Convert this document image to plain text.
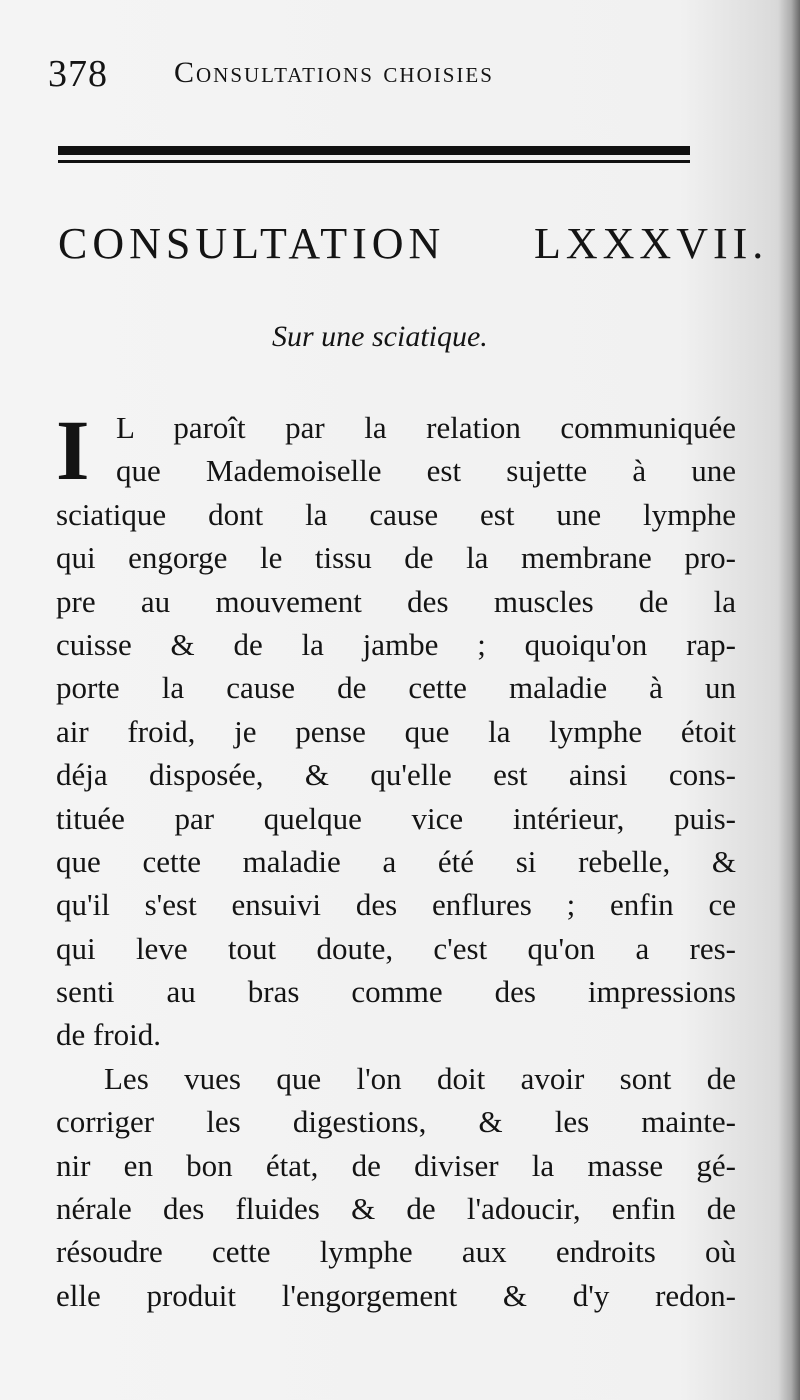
378 Consultations choisies
CONSULTATION LXXXVII.
Sur une sciatique.
I L paroît par la relation communiquée
que Mademoiselle est sujette à une
sciatique dont la cause est une lymphe
qui engorge le tissu de la membrane pro-
pre au mouvement des muscles de la
cuisse & de la jambe ; quoiqu'on rap-
porte la cause de cette maladie à un
air froid, je pense que la lymphe étoit
déja disposée, & qu'elle est ainsi cons-
tituée par quelque vice intérieur, puis-
que cette maladie a été si rebelle, &
qu'il s'est ensuivi des enflures ; enfin ce
qui leve tout doute, c'est qu'on a res-
senti au bras comme des impressions
de froid.
Les vues que l'on doit avoir sont de
corriger les digestions, & les mainte-
nir en bon état, de diviser la masse gé-
nérale des fluides & de l'adoucir, enfin de
résoudre cette lymphe aux endroits où
elle produit l'engorgement & d'y redon-
